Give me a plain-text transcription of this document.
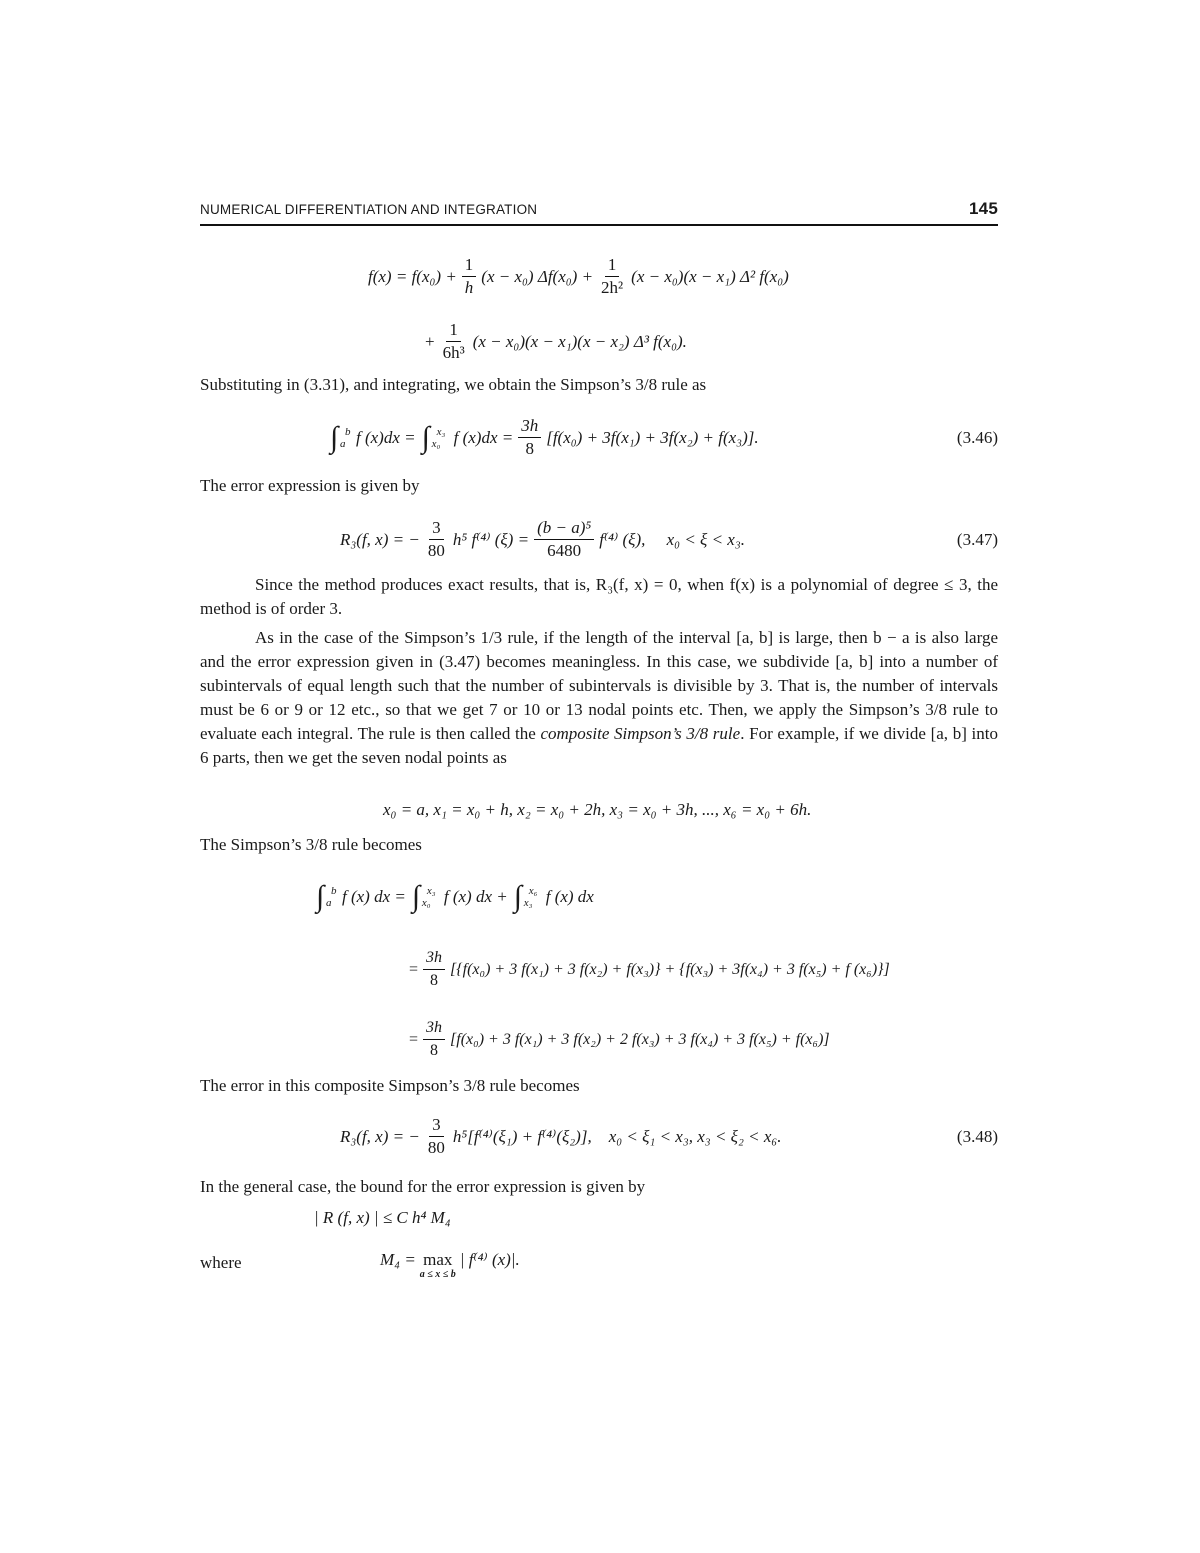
NUMERICAL DIFFERENTIATION AND INTEGRATION	145
$f(x) = f(x_0) + \frac{1}{h} (x - x_0) \Delta f(x_0) + \frac{1}{\text{2h²}} (x - x_0)(x - x_1)$ Δ² f(x₀)
+ $\frac{1}{\text{6h³}} (x - x_0)(x - x_1)(x - x_2)$ Δ³ f(x₀).
Substituting in (3.31), and integrating, we obtain the Simpson’s 3/8 rule as
∫ b
a f (x)dx = ∫ x₃
x₀ f $(x)dx = \frac{3h}{8} [f(x_0) + 3f(x_1) + 3f(x_2) + f(x_3)]$.	(3.46)
The error expression is given by
R₃(f, x) = − $\frac{3}{80} h^5$ f⁽⁴⁾ $(\xi) = \frac{\text{(b − a)⁵}}{6480} f^{(4)}$ (ξ),     x₀ < ξ < x₃.	(3.47)
Since the method produces exact results, that is, R₃(f, x) = 0, when f(x) is a polynomial of degree ≤ 3, the method is of order 3.
As in the case of the Simpson’s 1/3 rule, if the length of the interval [a, b] is large, then b − a is also large and the error expression given in (3.47) becomes meaningless. In this case, we subdivide [a, b] into a number of subintervals of equal length such that the number of subintervals is divisible by 3. That is, the number of intervals must be 6 or 9 or 12 etc., so that we get 7 or 10 or 13 nodal points etc. Then, we apply the Simpson’s 3/8 rule to evaluate each integral. The rule is then called the composite Simpson’s 3/8 rule. For example, if we divide [a, b] into 6 parts, then we get the seven nodal points as
x₀ = a, x₁ = x₀ + h, x₂ = x₀ + 2h, x₃ = x₀ + 3h, ..., x₆ = x₀ + 6h.
The Simpson’s 3/8 rule becomes
∫ b
a f (x) dx = ∫ x₃
x₀ f (x) dx + ∫ x₆
x₃ f (x) dx
= $\frac{3h}{8} [\{f(x_0) + 3$ f(x₁) + 3 f(x₂) + f(x₃)} + {f(x₃) + 3f(x₄) + 3 f(x₅) + f (x₆)}]
= $\frac{3h}{8} [f(x_0) + 3$ f(x₁) + 3 f(x₂) + 2 f(x₃) + 3 f(x₄) + 3 f(x₅) + f(x₆)]
The error in this composite Simpson’s 3/8 rule becomes
R₃(f, x) = − $\frac{3}{80} h^5[f^{(4)}(\xi_1) + f^{(4)}(\xi_2)]$,    x₀ < ξ₁ < x₃, x₃ < ξ₂ < x₆.	(3.48)
In the general case, the bound for the error expression is given by
| R (f, x) | ≤ C h⁴ M₄
where	M₄ = max
a ≤ x ≤ b
| f⁽⁴⁾ (x)|.
